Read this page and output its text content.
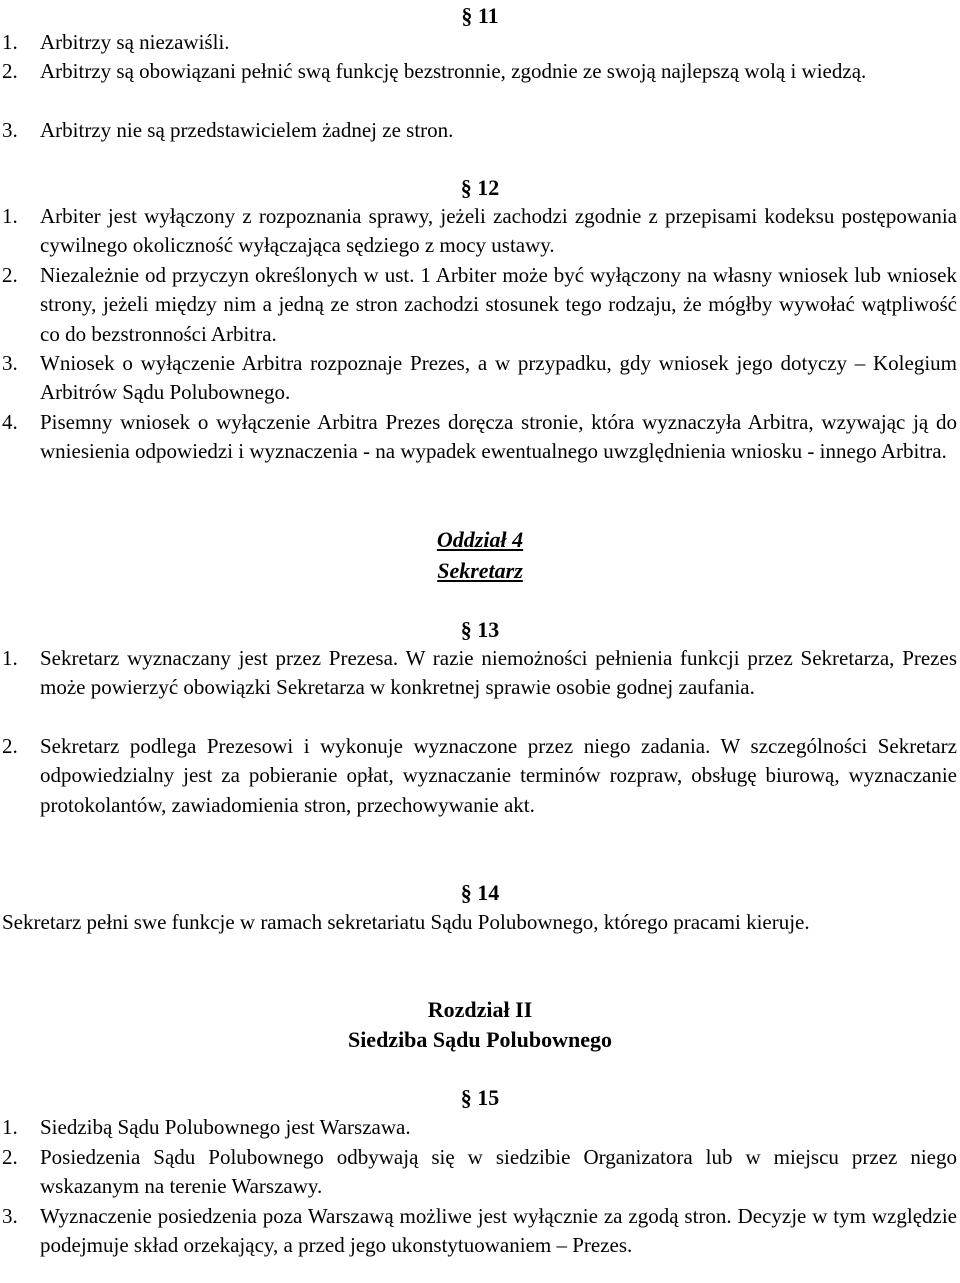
§ 11
1. Arbitrzy są niezawiśli.
2. Arbitrzy są obowiązani pełnić swą funkcję bezstronnie, zgodnie ze swoją najlepszą wolą i wiedzą.
3. Arbitrzy nie są przedstawicielem żadnej ze stron.
§ 12
1. Arbiter jest wyłączony z rozpoznania sprawy, jeżeli zachodzi zgodnie z przepisami kodeksu postępowania cywilnego okoliczność wyłączająca sędziego z mocy ustawy.
2. Niezależnie od przyczyn określonych w ust. 1 Arbiter może być wyłączony na własny wniosek lub wniosek strony, jeżeli między nim a jedną ze stron zachodzi stosunek tego rodzaju, że mógłby wywołać wątpliwość co do bezstronności Arbitra.
3. Wniosek o wyłączenie Arbitra rozpoznaje Prezes, a w przypadku, gdy wniosek jego dotyczy – Kolegium Arbitrów Sądu Polubownego.
4. Pisemny wniosek o wyłączenie Arbitra Prezes doręcza stronie, która wyznaczyła Arbitra, wzywając ją do wniesienia odpowiedzi i wyznaczenia - na wypadek ewentualnego uwzględnienia wniosku - innego Arbitra.
Oddział 4
Sekretarz
§ 13
1. Sekretarz wyznaczany jest przez Prezesa. W razie niemożności pełnienia funkcji przez Sekretarza, Prezes może powierzyć obowiązki Sekretarza w konkretnej sprawie osobie godnej zaufania.
2. Sekretarz podlega Prezesowi i wykonuje wyznaczone przez niego zadania. W szczególności Sekretarz odpowiedzialny jest za pobieranie opłat, wyznaczanie terminów rozpraw, obsługę biurową, wyznaczanie protokolantów, zawiadomienia stron, przechowywanie akt.
§ 14
Sekretarz pełni swe funkcje w ramach sekretariatu Sądu Polubownego, którego pracami kieruje.
Rozdział II
Siedziba Sądu Polubownego
§ 15
1. Siedzibą Sądu Polubownego jest Warszawa.
2. Posiedzenia Sądu Polubownego odbywają się w siedzibie Organizatora lub w miejscu przez niego wskazanym na terenie Warszawy.
3. Wyznaczenie posiedzenia poza Warszawą możliwe jest wyłącznie za zgodą stron. Decyzje w tym względzie podejmuje skład orzekający, a przed jego ukonstytuowaniem – Prezes.
